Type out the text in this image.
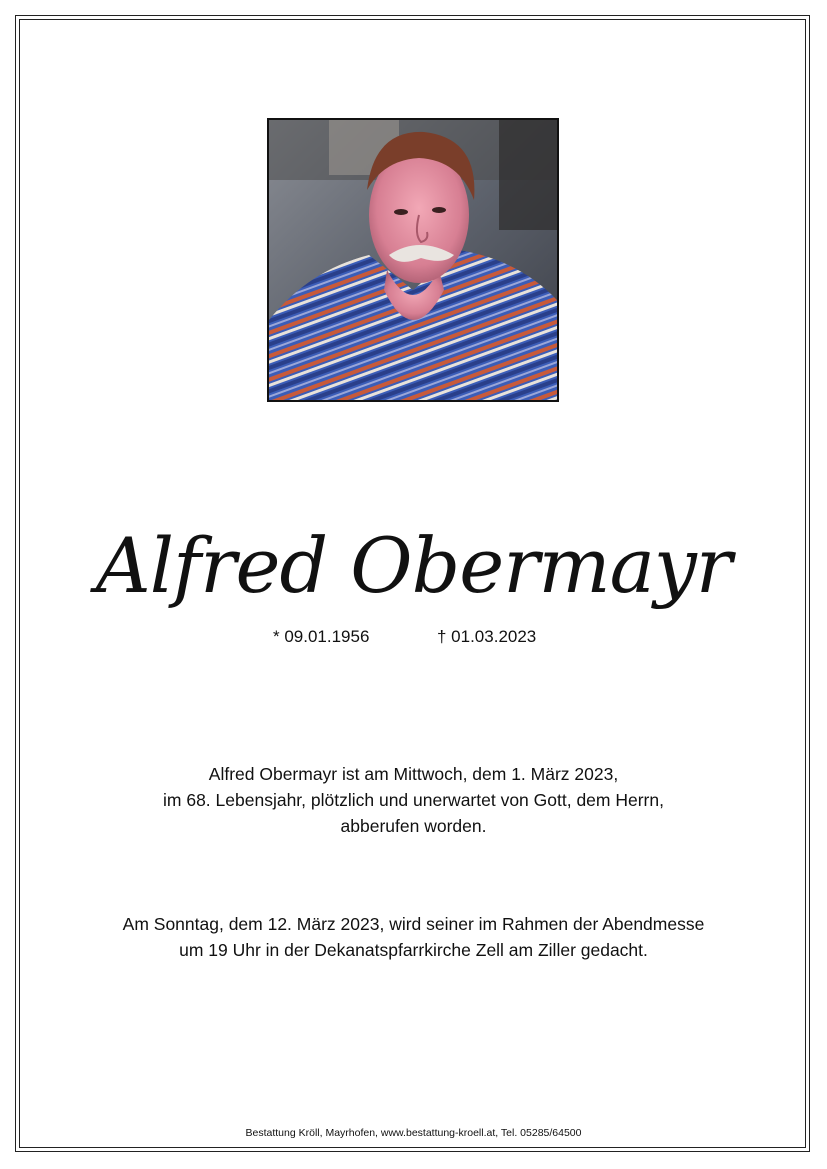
Alfred Obermayr
* 09.01.1956	† 01.03.2023
Alfred Obermayr ist am Mittwoch, dem 1. März 2023,
im 68. Lebensjahr, plötzlich und unerwartet von Gott, dem Herrn,
abberufen worden.
Am Sonntag, dem 12. März 2023, wird seiner im Rahmen der Abendmesse
um 19 Uhr in der Dekanatspfarrkirche Zell am Ziller gedacht.
Bestattung Kröll, Mayrhofen, www.bestattung-kroell.at, Tel. 05285/64500
